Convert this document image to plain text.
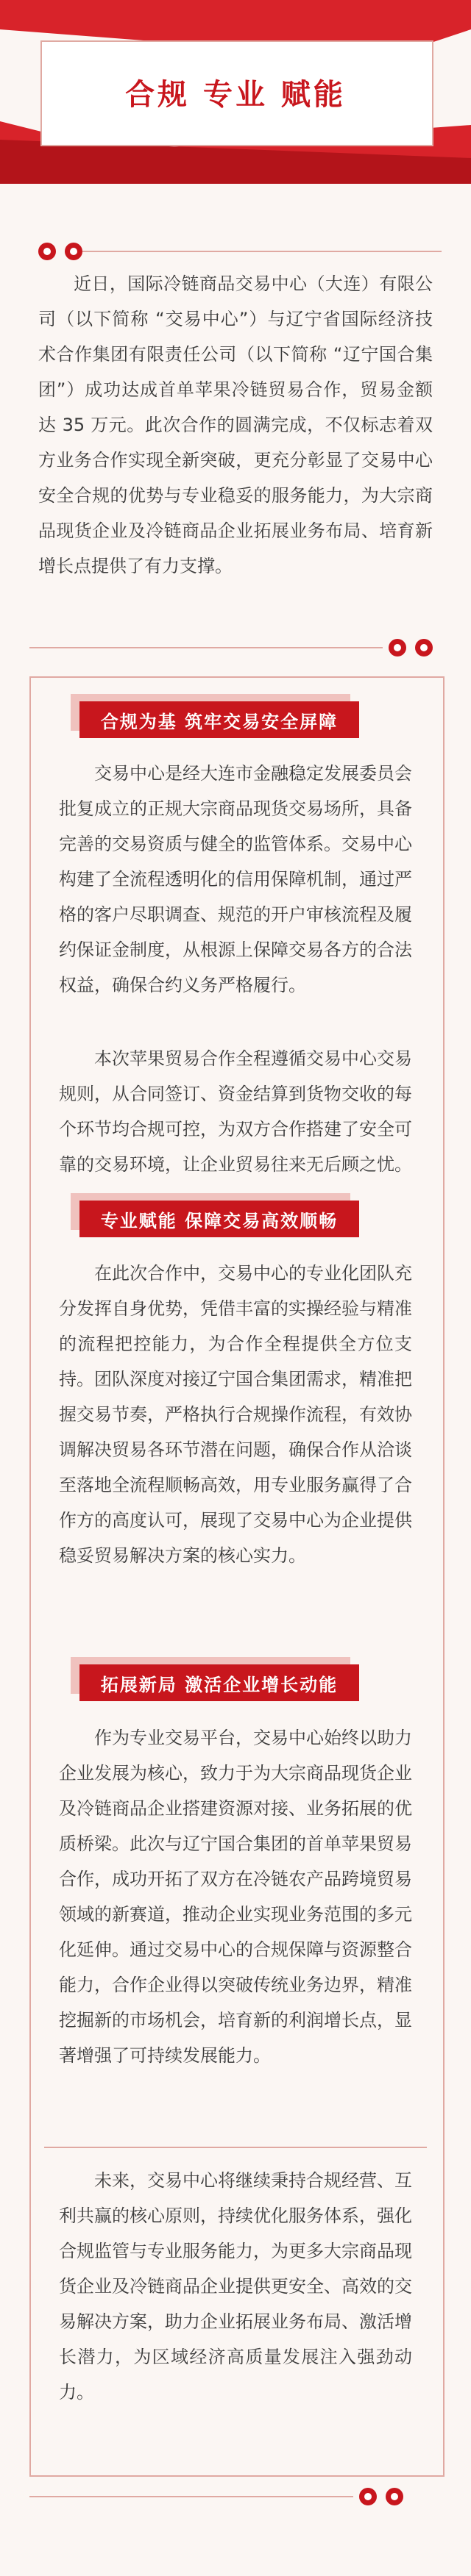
合规 专业 赋能
近日，国际冷链商品交易中心（大连）有限公司（以下简称 “交易中心”）与辽宁省国际经济技术合作集团有限责任公司（以下简称 “辽宁国合集团”）成功达成首单苹果冷链贸易合作，贸易金额达 35 万元。此次合作的圆满完成，不仅标志着双方业务合作实现全新突破，更充分彰显了交易中心安全合规的优势与专业稳妥的服务能力，为大宗商品现货企业及冷链商品企业拓展业务布局、培育新增长点提供了有力支撑。
合规为基 筑牢交易安全屏障
交易中心是经大连市金融稳定发展委员会批复成立的正规大宗商品现货交易场所，具备完善的交易资质与健全的监管体系。交易中心构建了全流程透明化的信用保障机制，通过严格的客户尽职调查、规范的开户审核流程及履约保证金制度，从根源上保障交易各方的合法权益，确保合约义务严格履行。
本次苹果贸易合作全程遵循交易中心交易规则，从合同签订、资金结算到货物交收的每个环节均合规可控，为双方合作搭建了安全可靠的交易环境，让企业贸易往来无后顾之忧。
专业赋能 保障交易高效顺畅
在此次合作中，交易中心的专业化团队充分发挥自身优势，凭借丰富的实操经验与精准的流程把控能力，为合作全程提供全方位支持。团队深度对接辽宁国合集团需求，精准把握交易节奏，严格执行合规操作流程，有效协调解决贸易各环节潜在问题，确保合作从洽谈至落地全流程顺畅高效，用专业服务赢得了合作方的高度认可，展现了交易中心为企业提供稳妥贸易解决方案的核心实力。
拓展新局 激活企业增长动能
作为专业交易平台，交易中心始终以助力企业发展为核心，致力于为大宗商品现货企业及冷链商品企业搭建资源对接、业务拓展的优质桥梁。此次与辽宁国合集团的首单苹果贸易合作，成功开拓了双方在冷链农产品跨境贸易领域的新赛道，推动企业实现业务范围的多元化延伸。通过交易中心的合规保障与资源整合能力，合作企业得以突破传统业务边界，精准挖掘新的市场机会，培育新的利润增长点，显著增强了可持续发展能力。
未来，交易中心将继续秉持合规经营、互利共赢的核心原则，持续优化服务体系，强化合规监管与专业服务能力，为更多大宗商品现货企业及冷链商品企业提供更安全、高效的交易解决方案，助力企业拓展业务布局、激活增长潜力，为区域经济高质量发展注入强劲动力。
